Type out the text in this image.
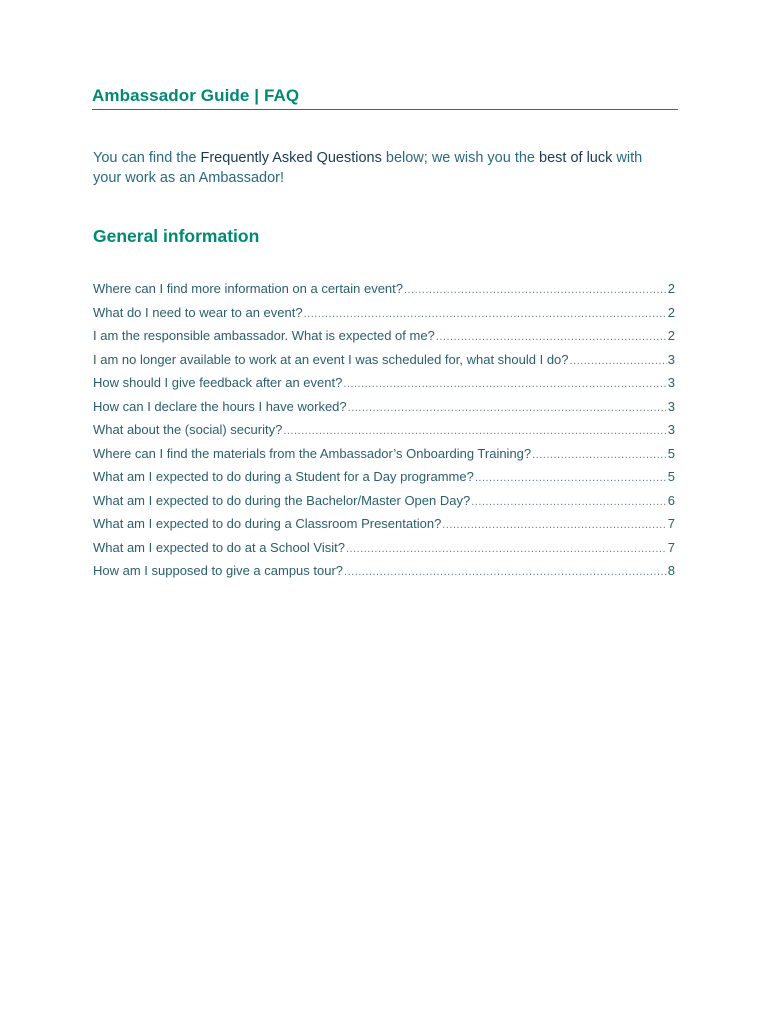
Ambassador Guide | FAQ

You can find the Frequently Asked Questions below; we wish you the best of luck with your work as an Ambassador!

General information
Where can I find more information on a certain event? .....	2
What do I need to wear to an event? .....	2
I am the responsible ambassador. What is expected of me? .....	2
I am no longer available to work at an event I was scheduled for, what should I do? .....	3
How should I give feedback after an event? .....	3
How can I declare the hours I have worked? .....	3
What about the (social) security? .....	3
Where can I find the materials from the Ambassador’s Onboarding Training? .....	5
What am I expected to do during a Student for a Day programme? .....	5
What am I expected to do during the Bachelor/Master Open Day? .....	6
What am I expected to do during a Classroom Presentation? .....	7
What am I expected to do at a School Visit? .....	7
How am I supposed to give a campus tour? .....	8
